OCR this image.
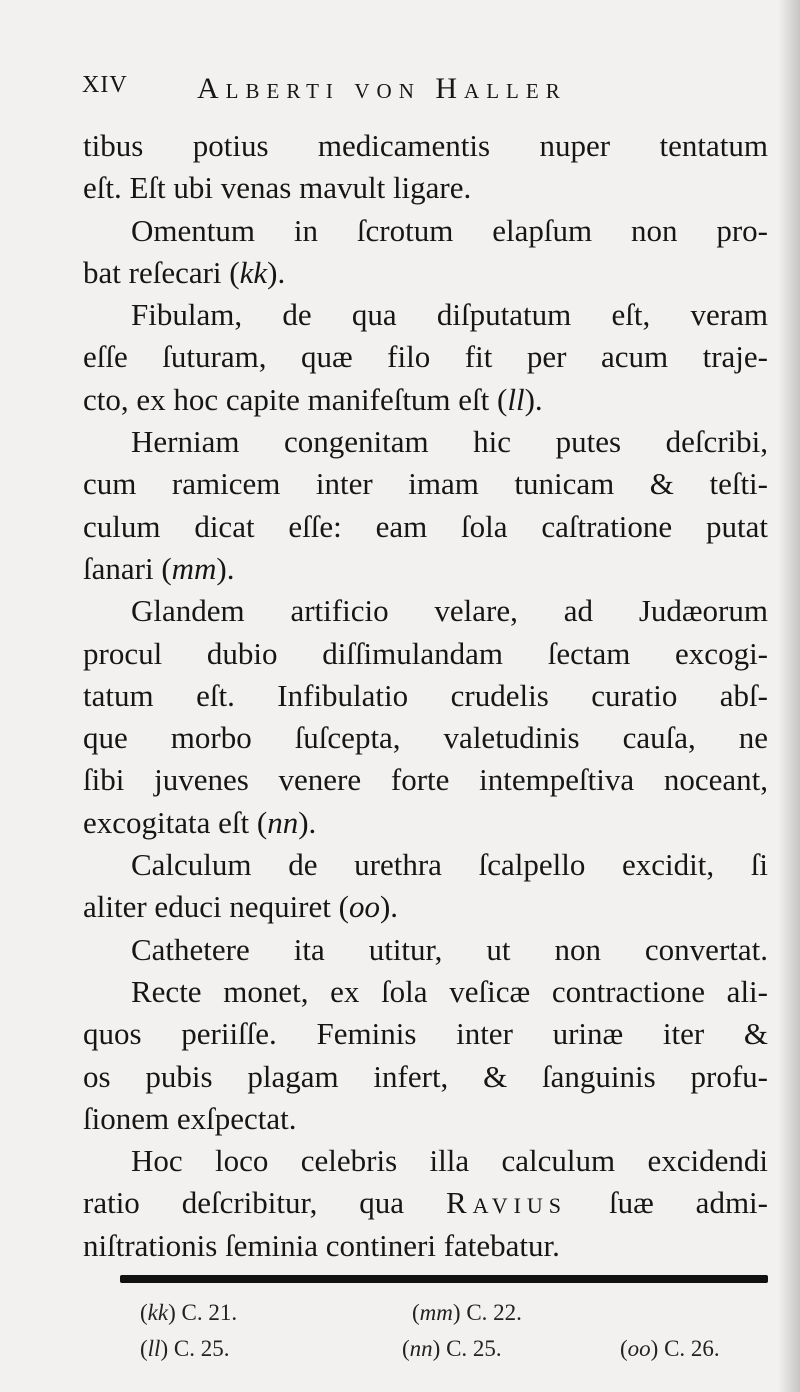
XIV Alberti von Haller
tibus potius medicamentis nuper tentatum
eſt. Eſt ubi venas mavult ligare.
Omentum in ſcrotum elapſum non pro-
bat reſecari (kk).
Fibulam, de qua diſputatum eſt, veram
eſſe ſuturam, quæ filo fit per acum traje-
cto, ex hoc capite manifeſtum eſt (ll).
Herniam congenitam hic putes deſcribi,
cum ramicem inter imam tunicam & teſti-
culum dicat eſſe: eam ſola caſtratione putat
ſanari (mm).
Glandem artificio velare, ad Judæorum
procul dubio diſſimulandam ſectam excogi-
tatum eſt. Infibulatio crudelis curatio abſ-
que morbo ſuſcepta, valetudinis cauſa, ne
ſibi juvenes venere forte intempeſtiva noceant,
excogitata eſt (nn).
Calculum de urethra ſcalpello excidit, ſi
aliter educi nequiret (oo).
Cathetere ita utitur, ut non convertat.
Recte monet, ex ſola veſicæ contractione ali-
quos periiſſe. Feminis inter urinæ iter &
os pubis plagam infert, & ſanguinis profu-
ſionem exſpectat.
Hoc loco celebris illa calculum excidendi
ratio deſcribitur, qua Ravius ſuæ admi-
niſtrationis ſeminia contineri fatebatur.
(kk) C. 21.	(mm) C. 22.
(ll) C. 25.	(nn) C. 25.	(oo) C. 26.
